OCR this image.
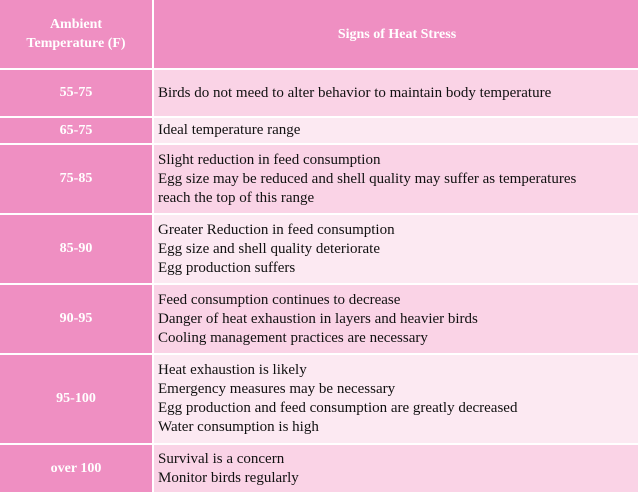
Ambient
Temperature (F)
Signs of Heat Stress
55-75	Birds do not meed to alter behavior to maintain body temperature
65-75	Ideal temperature range
75-85
Slight reduction in feed consumption
Egg size may be reduced and shell quality may suffer as temperatures
reach the top of this range
85-90
Greater Reduction in feed consumption
Egg size and shell quality deteriorate
Egg production suffers
90-95
Feed consumption continues to decrease
Danger of heat exhaustion in layers and heavier birds
Cooling management practices are necessary
95-100
Heat exhaustion is likely
Emergency measures may be necessary
Egg production and feed consumption are greatly decreased
Water consumption is high
over 100
Survival is a concern
Monitor birds regularly
